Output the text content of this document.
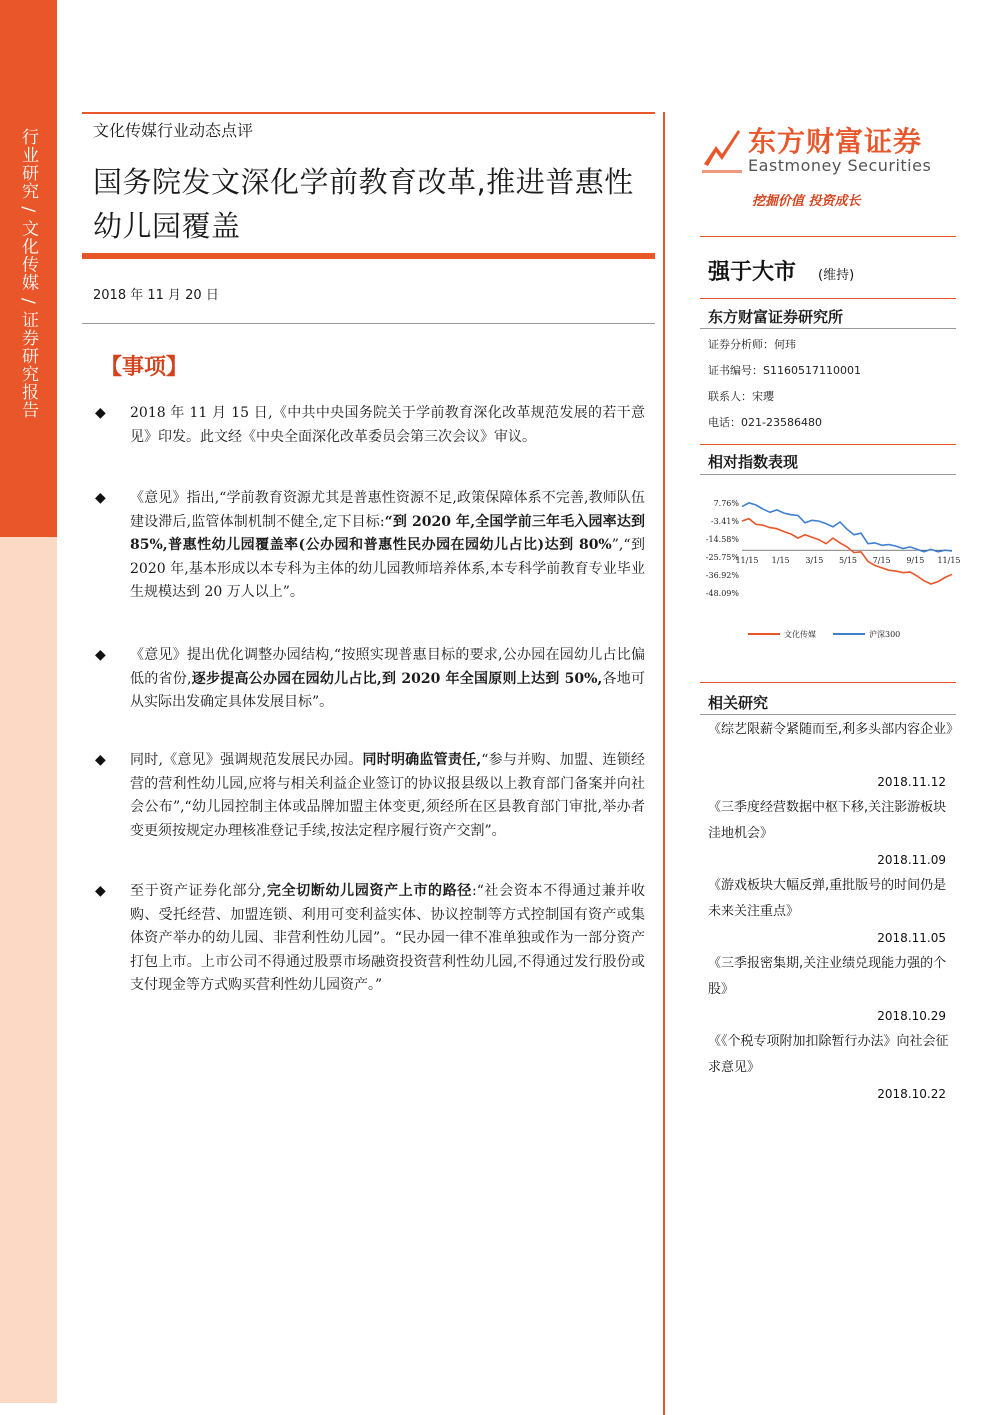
行业研究 / 文化传媒 / 证券研究报告	文化传媒行业动态点评
国务院发文深化学前教育改革,推进普惠性幼儿园覆盖
2018 年 11 月 20 日
【事项】
◆ 2018 年 11 月 15 日,《中共中央国务院关于学前教育深化改革规范发展的若干意见》印发。此文经《中央全面深化改革委员会第三次会议》审议。
◆ 《意见》指出,“学前教育资源尤其是普惠性资源不足,政策保障体系不完善,教师队伍建设滞后,监管体制机制不健全,定下目标:“到 2020 年,全国学前三年毛入园率达到 85%,普惠性幼儿园覆盖率(公办园和普惠性民办园在园幼儿占比)达到 80%”,“到 2020 年,基本形成以本专科为主体的幼儿园教师培养体系,本专科学前教育专业毕业生规模达到 20 万人以上”。
◆ 《意见》提出优化调整办园结构,“按照实现普惠目标的要求,公办园在园幼儿占比偏低的省份,逐步提高公办园在园幼儿占比,到 2020 年全国原则上达到 50%,各地可从实际出发确定具体发展目标”。
◆ 同时,《意见》强调规范发展民办园。同时明确监管责任,“参与并购、加盟、连锁经营的营利性幼儿园,应将与相关利益企业签订的协议报县级以上教育部门备案并向社会公布”,“幼儿园控制主体或品牌加盟主体变更,须经所在区县教育部门审批,举办者变更须按规定办理核准登记手续,按法定程序履行资产交割”。
◆ 至于资产证券化部分,完全切断幼儿园资产上市的路径:“社会资本不得通过兼并收购、受托经营、加盟连锁、利用可变利益实体、协议控制等方式控制国有资产或集体资产举办的幼儿园、非营利性幼儿园”。“民办园一律不准单独或作为一部分资产打包上市。上市公司不得通过股票市场融资投资营利性幼儿园,不得通过发行股份或支付现金等方式购买营利性幼儿园资产。”
东方财富证券
Eastmoney Securities
挖掘价值 投资成长
强于大市 (维持)
东方财富证券研究所
证券分析师：何玮
证书编号：S1160517110001
联系人：宋瓔
电话：021-23586480
相对指数表现
7.76%
-3.41%
-14.58%
-25.75%
-36.92%
-48.09%
11/15 1/15 3/15 5/15 7/15 9/15 11/15
文化传媒	沪深300
相关研究
《综艺限薪令紧随而至,利多头部内容企业》
2018.11.12
《三季度经营数据中枢下移,关注影游板块洼地机会》
2018.11.09
《游戏板块大幅反弹,重批版号的时间仍是未来关注重点》
2018.11.05
《三季报密集期,关注业绩兑现能力强的个股》
2018.10.29
《《个税专项附加扣除暂行办法》向社会征求意见》
2018.10.22
